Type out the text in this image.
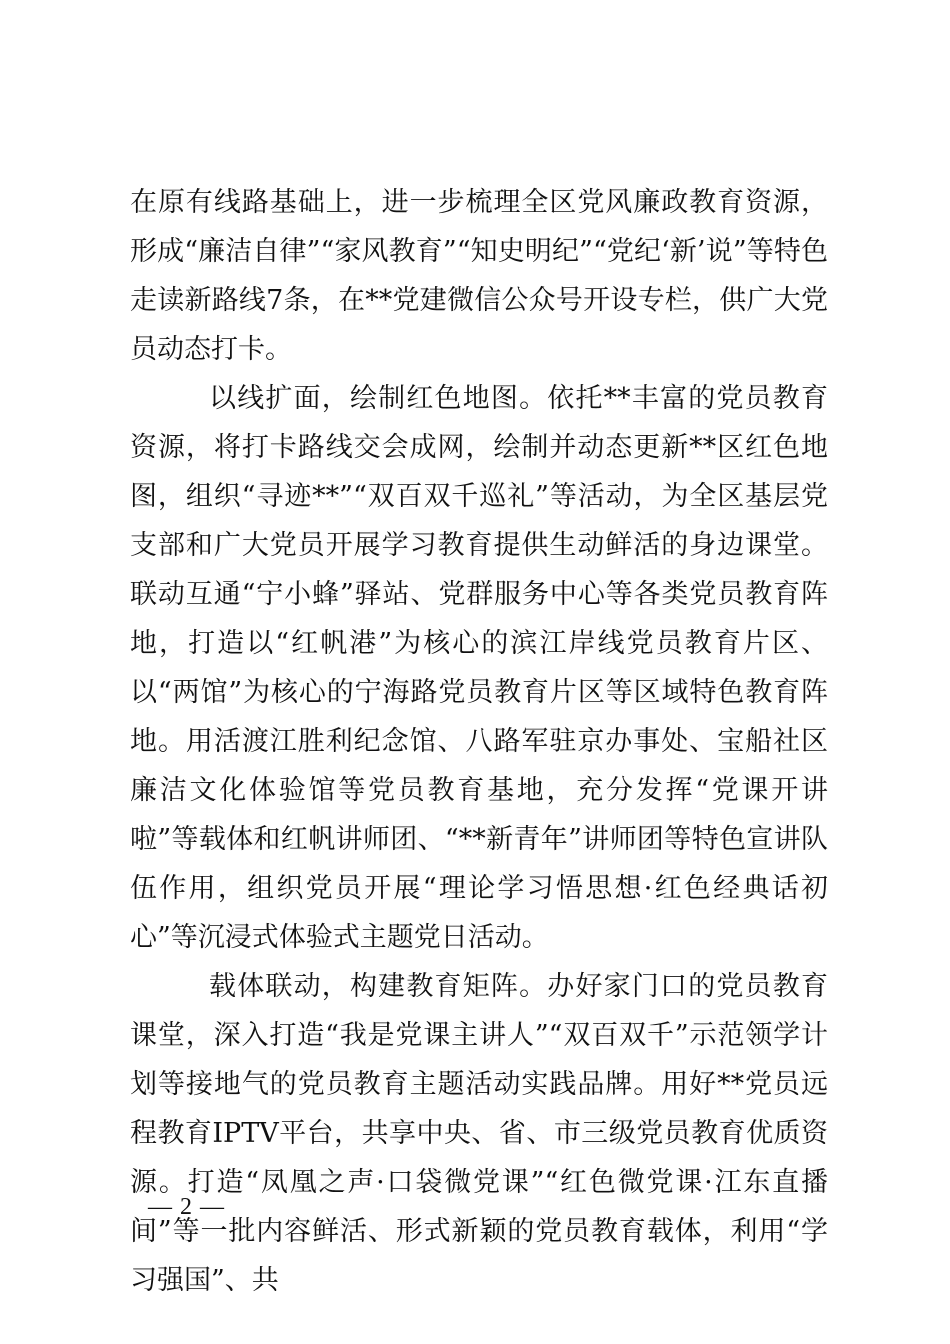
在原有线路基础上，进一步梳理全区党风廉政教育资源，形成“廉洁自律”“家风教育”“知史明纪”“党纪‘新’说”等特色走读新路线7条，在**党建微信公众号开设专栏，供广大党员动态打卡。

以线扩面，绘制红色地图。依托**丰富的党员教育资源，将打卡路线交会成网，绘制并动态更新**区红色地图，组织“寻迹**”“双百双千巡礼”等活动，为全区基层党支部和广大党员开展学习教育提供生动鲜活的身边课堂。联动互通“宁小蜂”驿站、党群服务中心等各类党员教育阵地，打造以“红帆港”为核心的滨江岸线党员教育片区、以“两馆”为核心的宁海路党员教育片区等区域特色教育阵地。用活渡江胜利纪念馆、八路军驻京办事处、宝船社区廉洁文化体验馆等党员教育基地，充分发挥“党课开讲啦”等载体和红帆讲师团、“**新青年”讲师团等特色宣讲队伍作用，组织党员开展“理论学习悟思想·红色经典话初心”等沉浸式体验式主题党日活动。

载体联动，构建教育矩阵。办好家门口的党员教育课堂，深入打造“我是党课主讲人”“双百双千”示范领学计划等接地气的党员教育主题活动实践品牌。用好**党员远程教育IPTV平台，共享中央、省、市三级党员教育优质资源。打造“凤凰之声·口袋微党课”“红色微党课·江东直播间”等一批内容鲜活、形式新颖的党员教育载体，利用“学习强国”、共

— 2 —
